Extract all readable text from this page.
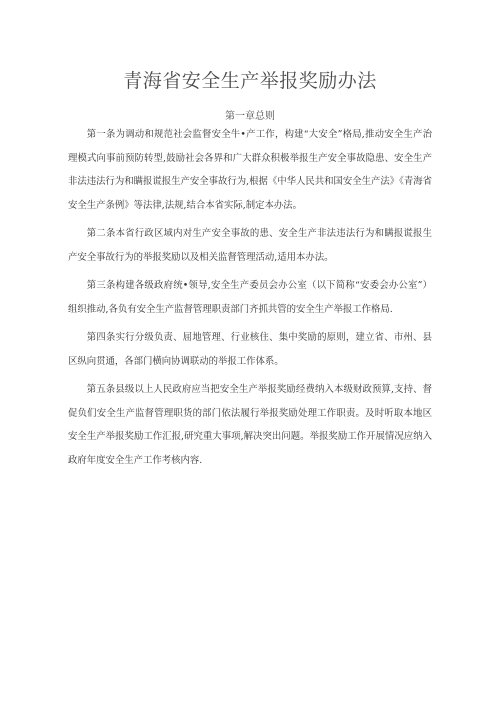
青海省安全生产举报奖励办法
第一章总则

第一条为调动和规范社会监督安全牛•产工作，构建“大安全”格局,推动安全生产治理模式向事前预防转型,鼓励社会各界和广大群众积极举报生产安全事故隐患、安全生产非法违法行为和瞒报谎报生产安全事故行为,根据《中华人民共和国安全生产法》《青海省安全生产条例》等法律,法规,结合本省实际,制定本办法。

第二条本省行政区域内对生产安全事故的患、安全生产非法违法行为和瞒报谎报生产安全事故行为的举报奖励以及相关监督管理活动,适用本办法。

第三条构建各级政府统•领导,安全生产委员会办公室（以下简称“安委会办公室”）组织推动,各负有安全生产监督管理职责部门齐抓共管的安全生产举报工作格局.

第四条实行分级负责、屈地管理、行业核住、集中奖励的原则，建立省、市州、县区纵向贯通，各部门横向协调联动的举报工作体系。

第五条县级以上人民政府应当把安全生产举报奖励经费纳入本级财政预算,支持、督促负们安全生产监督管理职货的部门依法履行举报奖励处理工作职责。及时听取本地区安全生产举报奖励工作汇报,研究重大事项,解决突出问题。举报奖励工作开展情况应纳入政府年度安全生产工作考核内容.
